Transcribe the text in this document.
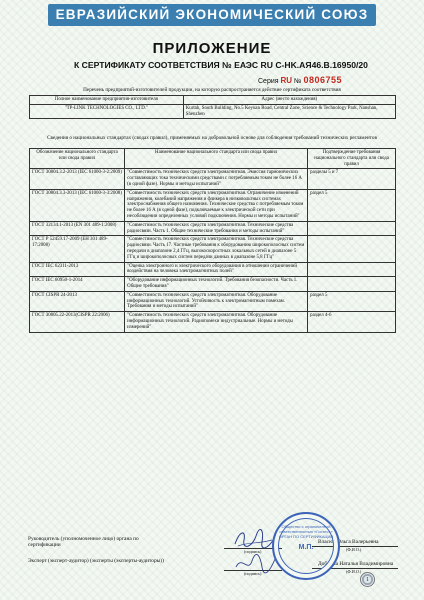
ЕВРАЗИЙСКИЙ ЭКОНОМИЧЕСКИЙ СОЮЗ
ПРИЛОЖЕНИЕ
К СЕРТИФИКАТУ СООТВЕТСТВИЯ № ЕАЭС RU С-HK.АЯ46.В.16950/20
Серия RU № 0806755
Перечень предприятий-изготовителей продукции, на которую распространяется действие сертификата соответствия
Полное наименование предприятия-изготовителя	Адрес (место нахождения)
"TP-LINK TECHNOLOGIES CO., LTD."	Kurtah, South Building, No.5 Keyuan Road, Central Zone, Science & Technology Park, Nanshan, Shenzhen
Сведения о национальных стандартах (сводах правил), применяемых на добровольной основе для соблюдения требований технических регламентов
Обозначение национального стандарта или свода правил	Наименование национального стандарта или свода правил	Подтверждение требования национального стандарта или свода правил
ГОСТ 30804.3.2-2013 (IEC 61000-3-2:2009)	"Совместимость технических средств электромагнитная. Эмиссия гармонических составляющих тока техническими средствами с потребляемым током не более 16 А (в одной фазе). Нормы и методы испытаний"	разделы 5 и 7
ГОСТ 30804.3.3-2013 (IEC 61000-3-3:2008)	"Совместимость технических средств электромагнитная. Ограничение изменений напряжения, колебаний напряжения и фликера в низковольтных системах электроснабжения общего назначения. Технические средства с потребляемым током не более 16 А (в одной фазе), подключаемые к электрической сети при несоблюдении определенных условий подключения. Нормы и методы испытаний"	раздел 5
ГОСТ 32134.1-2013 (EN 301 489-1:2008)	"Совместимость технических средств электромагнитная. Технические средства радиосвязи. Часть 1. Общие технические требования и методы испытаний"	
ГОСТ Р 52459.17-2009 (ЕН 301 489-17:2008)	"Совместимость технических средств электромагнитная. Технические средства радиосвязи. Часть 17. Частные требования к оборудованию широкополосных систем передачи в диапазоне 2,4 ГГц, высокоскоростных локальных сетей в диапазоне 5 ГГц и широкополосных систем передачи данных в диапазоне 5,8 ГГц"	
ГОСТ IEC 62311-2013	"Оценка электронного и электрического оборудования в отношении ограничений воздействия на человека электромагнитных полей"	
ГОСТ IEC 60950-1-2014	"Оборудование информационных технологий. Требования безопасности. Часть 1. Общие требования"	
ГОСТ CISPR 24-2013	"Совместимость технических средств электромагнитная. Оборудование информационных технологий. Устойчивость к электромагнитным помехам. Требования и методы испытаний"	раздел 5
ГОСТ 30805.22-2013(CISPR 22:2006)	"Совместимость технических средств электромагнитная. Оборудование информационных технологий. Радиопомехи индустриальные. Нормы и методы измерений"	раздел 4-6
Руководитель (уполномоченное лицо) органа по сертификации
(подпись)
Власюк Ольга Валерьевна
(Ф.И.О.)
Эксперт (эксперт-аудитор) (эксперты (эксперты-аудиторы))
(подпись)
Добрина Наталья Владимировна
(Ф.И.О.)
Общество с ограниченной ответственностью «Гостест» ОРГАН ПО СЕРТИФИКАЦИИ
М.П.
1
